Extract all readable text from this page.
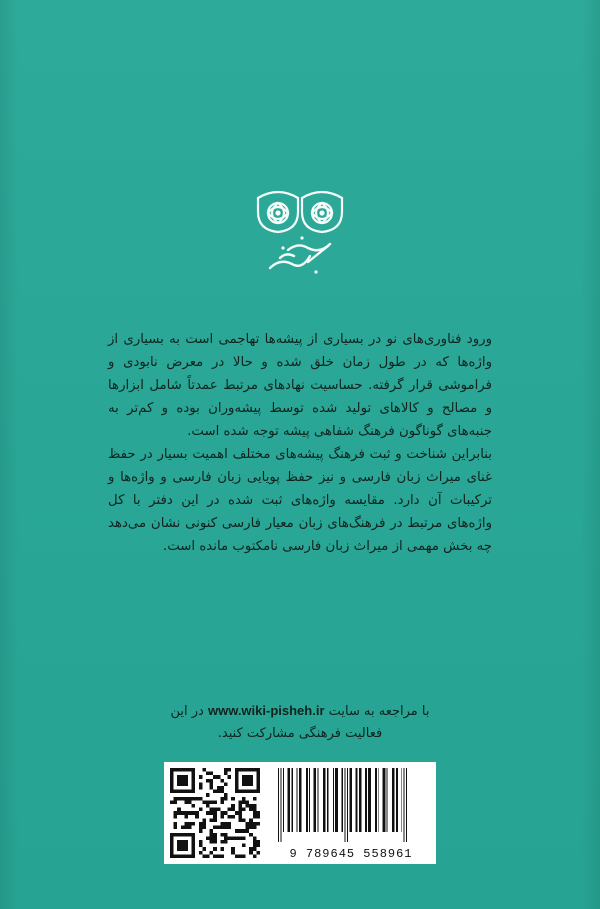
ورود فناوری‌های نو در بسیاری از پیشه‌ها تهاجمی است به بسیاری از واژه‌ها که در طول زمان خلق شده و حالا در معرض نابودی و فراموشی قرار گرفته. حساسیت نهادهای مرتبط عمدتاً شامل ابزارها و مصالح و کالاهای تولید شده توسط پیشه‌وران بوده و کم‌تر به جنبه‌های گوناگون فرهنگ شفاهی پیشه توجه شده است.

بنابراین شناخت و ثبت فرهنگ پیشه‌های مختلف اهمیت بسیار در حفظ غنای میراث زبان فارسی و نیز حفظ پویایی زبان فارسی و واژه‌ها و ترکیبات آن دارد. مقایسه واژه‌های ثبت شده در این دفتر با کل واژه‌های مرتبط در فرهنگ‌های زبان معیار فارسی کنونی نشان می‌دهد چه بخش مهمی از میراث زبان فارسی نامکتوب مانده است.

با مراجعه به سایت www.wiki-pisheh.ir در این فعالیت فرهنگی مشارکت کنید.
9 789645 558961
